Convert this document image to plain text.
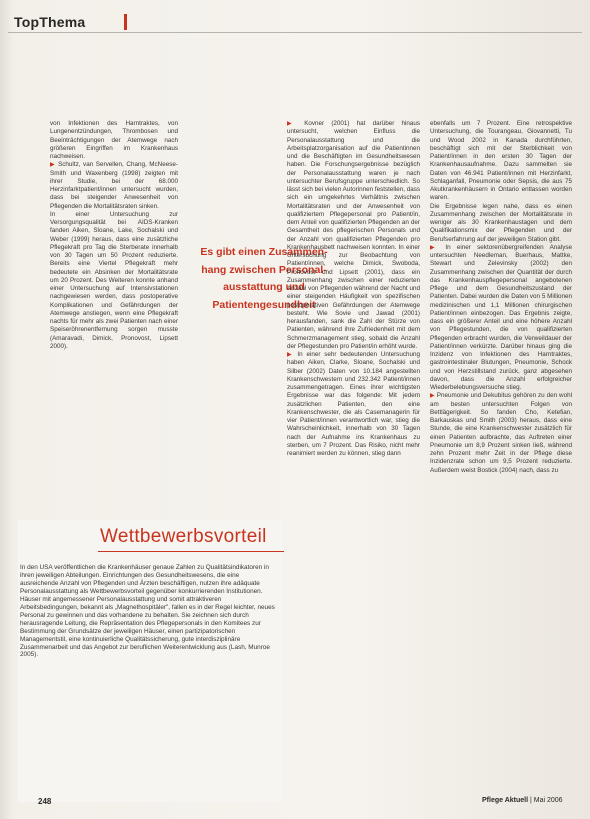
TopThema

von Infektionen des Harntraktes, von Lungenentzündungen, Thrombosen und Beeinträchtigungen der Atemwege nach größeren Eingriffen im Krankenhaus nachweisen.

▶ Schultz, van Servellen, Chang, McNeese-Smith und Waxenberg (1998) zeigten mit ihrer Studie, bei der 68.000 Herzinfarktpatient/innen untersucht wurden, dass bei steigender Anwesenheit von Pflegenden die Mortalitätsraten sinken.

In einer Untersuchung zur Versorgungsqualität bei AIDS-Kranken fanden Aiken, Sloane, Lake, Sochalski und Weber (1999) heraus, dass eine zusätzliche Pflegekraft pro Tag die Sterberate innerhalb von 30 Tagen um 50 Prozent reduzierte. Bereits eine Viertel Pflegekraft mehr bedeutete ein Absinken der Mortalitätsrate um 20 Prozent. Des Weiteren konnte anhand einer Untersuchung auf Intensivstationen nachgewiesen werden, dass postoperative Komplikationen und Gefährdungen der Atemwege anstiegen, wenn eine Pflegekraft nachts für mehr als zwei Patienten nach einer Speiseröhrenentfernung sorgen musste (Amaravadi, Dimick, Pronovost, Lipsett 2000).

Es gibt einen Zusammen-
hang zwischen Personal-
ausstattung und
Patientengesundheit

▶ Kovner (2001) hat darüber hinaus untersucht, welchen Einfluss die Personalausstattung und die Arbeitsplatzorganisation auf die Patientinnen und die Beschäftigten im Gesundheitswesen haben. Die Forschungsergebnisse bezüglich der Personalausstattung waren je nach untersuchter Berufsgruppe unterschiedlich. So lässt sich bei vielen Autorinnen feststellen, dass sich ein umgekehrtes Verhältnis zwischen Mortalitätsraten und der Anwesenheit von qualifiziertem Pflegepersonal pro Patient/in, dem Anteil von qualifizierten Pflegenden an der Gesamtheit des pflegerischen Personals und der Anzahl von qualifizierten Pflegenden pro Krankenhausbett nachweisen konnten. In einer Untersuchung zur Beobachtung von Patient/innen, welche Dimick, Swoboda, Pronovost und Lipsett (2001), dass ein Zusammenhang zwischen einer reduzierten Anzahl von Pflegenden während der Nacht und einer steigenden Häufigkeit von spezifischen postoperativen Gefährdungen der Atemwege besteht. Wie Sovie und Jawad (2001) herausfanden, sank die Zahl der Stürze von Patienten, während ihre Zufriedenheit mit dem Schmerzmanagement stieg, sobald die Anzahl der Pflegestunden pro Patient/in erhöht wurde.

▶ In einer sehr bedeutenden Untersuchung haben Aiken, Clarke, Sloane, Sochalski und Silber (2002) Daten von 10.184 angestellten Krankenschwestern und 232.342 Patient/innen zusammengetragen. Eines ihrer wichtigsten Ergebnisse war das folgende: Mit jedem zusätzlichen Patienten, den eine Krankenschwester, die als Casemanagerin für vier Patient/innen verantwortlich war, stieg die Wahrscheinlichkeit, innerhalb von 30 Tagen nach der Aufnahme ins Krankenhaus zu sterben, um 7 Prozent. Das Risiko, nicht mehr reanimiert werden zu können, stieg dann

ebenfalls um 7 Prozent. Eine retrospektive Untersuchung, die Tourangeau, Giovannetti, Tu und Wood 2002 in Kanada durchführten, beschäftigt sich mit der Sterblichkeit von Patient/innen in den ersten 30 Tagen der Krankenhausaufnahme. Dazu sammelten sie Daten von 46.941 Patient/innen mit Herzinfarkt, Schlaganfall, Pneumonie oder Sepsis, die aus 75 Akutkrankenhäusern in Ontario entlassen worden waren.

Die Ergebnisse legen nahe, dass es einen Zusammenhang zwischen der Mortalitätsrate in weniger als 30 Krankenhaustagen und dem Qualifikationsmix der Pflegenden und der Berufserfahrung auf der jeweiligen Station gibt.

▶ In einer sektorenübergreifenden Analyse untersuchten Needleman, Buerhaus, Mattke, Stewart und Zelevinsky (2002) den Zusammenhang zwischen der Quantität der durch das Krankenhauspflegepersonal angebotenen Pflege und dem Gesundheitszustand der Patienten. Dabei wurden die Daten von 5 Millionen medizinischen und 1,1 Millionen chirurgischen Patient/innen einbezogen. Das Ergebnis zeigte, dass ein größerer Anteil und eine höhere Anzahl von Pflegestunden, die von qualifizierten Pflegenden erbracht wurden, die Verweildauer der Patient/innen verkürzte. Darüber hinaus ging die Inzidenz von Infektionen des Harntraktes, gastrointestinaler Blutungen, Pneumonie, Schock und von Herzstillstand zurück, ganz abgesehen davon, dass die Anzahl erfolgreicher Wiederbelebungsversuche stieg.

▶ Pneumonie und Dekubitus gehören zu den wohl am besten untersuchten Folgen von Bettlägerigkeit. So fanden Cho, Ketefian, Barkauskas und Smith (2003) heraus, dass eine Stunde, die eine Krankenschwester zusätzlich für einen Patienten aufbrachte, das Auftreten einer Pneumonie um 8,9 Prozent sinken ließ, während zehn Prozent mehr Zeit in der Pflege diese Inzidenzrate schon um 9,5 Prozent reduzierte. Außerdem weist Bostick (2004) nach, dass zu

Wettbewerbsvorteil
In den USA veröffentlichen die Krankenhäuser genaue Zahlen zu Qualitätsindikatoren in ihren jeweiligen Abteilungen. Einrichtungen des Gesundheitswesens, die eine ausreichende Anzahl von Pflegenden und Ärzten beschäftigen, nutzen ihre adäquate Personalausstattung als Wettbewerbsvorteil gegenüber konkurrierenden Institutionen. Häuser mit angemessener Personalausstattung und somit attraktiveren Arbeitsbedingungen, bekannt als „Magnethospitäler", fallen es in der Regel leichter, neues Personal zu gewinnen und das vorhandene zu behalten. Sie zeichnen sich durch herausragende Leitung, die Repräsentation des Pflegepersonals in den Komitees zur Bestimmung der Grundsätze der jeweiligen Häuser, einen partizipatorischen Managementstil, eine kontinuierliche Qualitätssicherung, gute interdisziplinäre Zusammenarbeit und das Angebot zur beruflichen Weiterentwicklung aus (Lash, Munroe 2005).
248	Pflege Aktuell | Mai 2006
